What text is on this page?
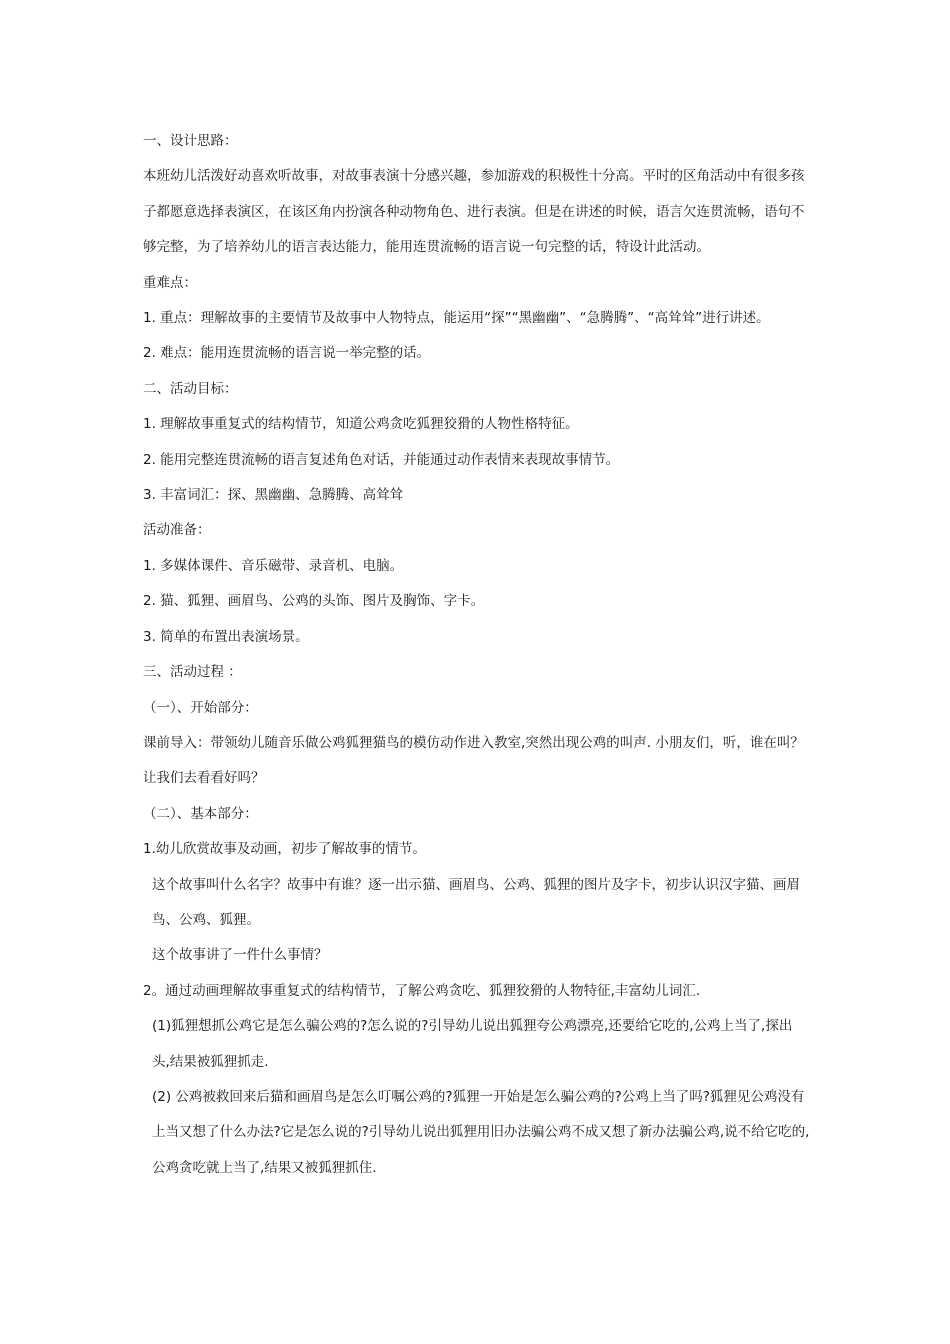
一、设计思路：

本班幼儿活泼好动喜欢听故事，对故事表演十分感兴趣，参加游戏的积极性十分高。平时的区角活动中有很多孩子都愿意选择表演区，在该区角内扮演各种动物角色、进行表演。但是在讲述的时候，语言欠连贯流畅，语句不够完整，为了培养幼儿的语言表达能力，能用连贯流畅的语言说一句完整的话，特设计此活动。

重难点：

1. 重点：理解故事的主要情节及故事中人物特点，能运用“探”“黑幽幽”、“急腾腾”、“高耸耸”进行讲述。

2. 难点：能用连贯流畅的语言说一举完整的话。

二、活动目标：

1. 理解故事重复式的结构情节，知道公鸡贪吃狐狸狡猾的人物性格特征。

2. 能用完整连贯流畅的语言复述角色对话，并能通过动作表情来表现故事情节。

3. 丰富词汇：探、黑幽幽、急腾腾、高耸耸

活动准备：

1. 多媒体课件、音乐磁带、录音机、电脑。

2. 猫、狐狸、画眉鸟、公鸡的头饰、图片及胸饰、字卡。

3. 简单的布置出表演场景。

三、活动过程 ：

（一）、开始部分：

课前导入：带领幼儿随音乐做公鸡狐狸猫鸟的模仿动作进入教室,突然出现公鸡的叫声. 小朋友们，听，谁在叫？让我们去看看好吗？

（二）、基本部分：

1.幼儿欣赏故事及动画，初步了解故事的情节。

这个故事叫什么名字？故事中有谁？逐一出示猫、画眉鸟、公鸡、狐狸的图片及字卡，初步认识汉字猫、画眉鸟、公鸡、狐狸。

这个故事讲了一件什么事情？

2。通过动画理解故事重复式的结构情节，了解公鸡贪吃、狐狸狡猾的人物特征,丰富幼儿词汇.

(1)狐狸想抓公鸡它是怎么骗公鸡的?怎么说的?引导幼儿说出狐狸夸公鸡漂亮,还要给它吃的,公鸡上当了,探出头,结果被狐狸抓走.

(2) 公鸡被救回来后猫和画眉鸟是怎么叮嘱公鸡的?狐狸一开始是怎么骗公鸡的?公鸡上当了吗?狐狸见公鸡没有上当又想了什么办法?它是怎么说的?引导幼儿说出狐狸用旧办法骗公鸡不成又想了新办法骗公鸡,说不给它吃的,公鸡贪吃就上当了,结果又被狐狸抓住.
